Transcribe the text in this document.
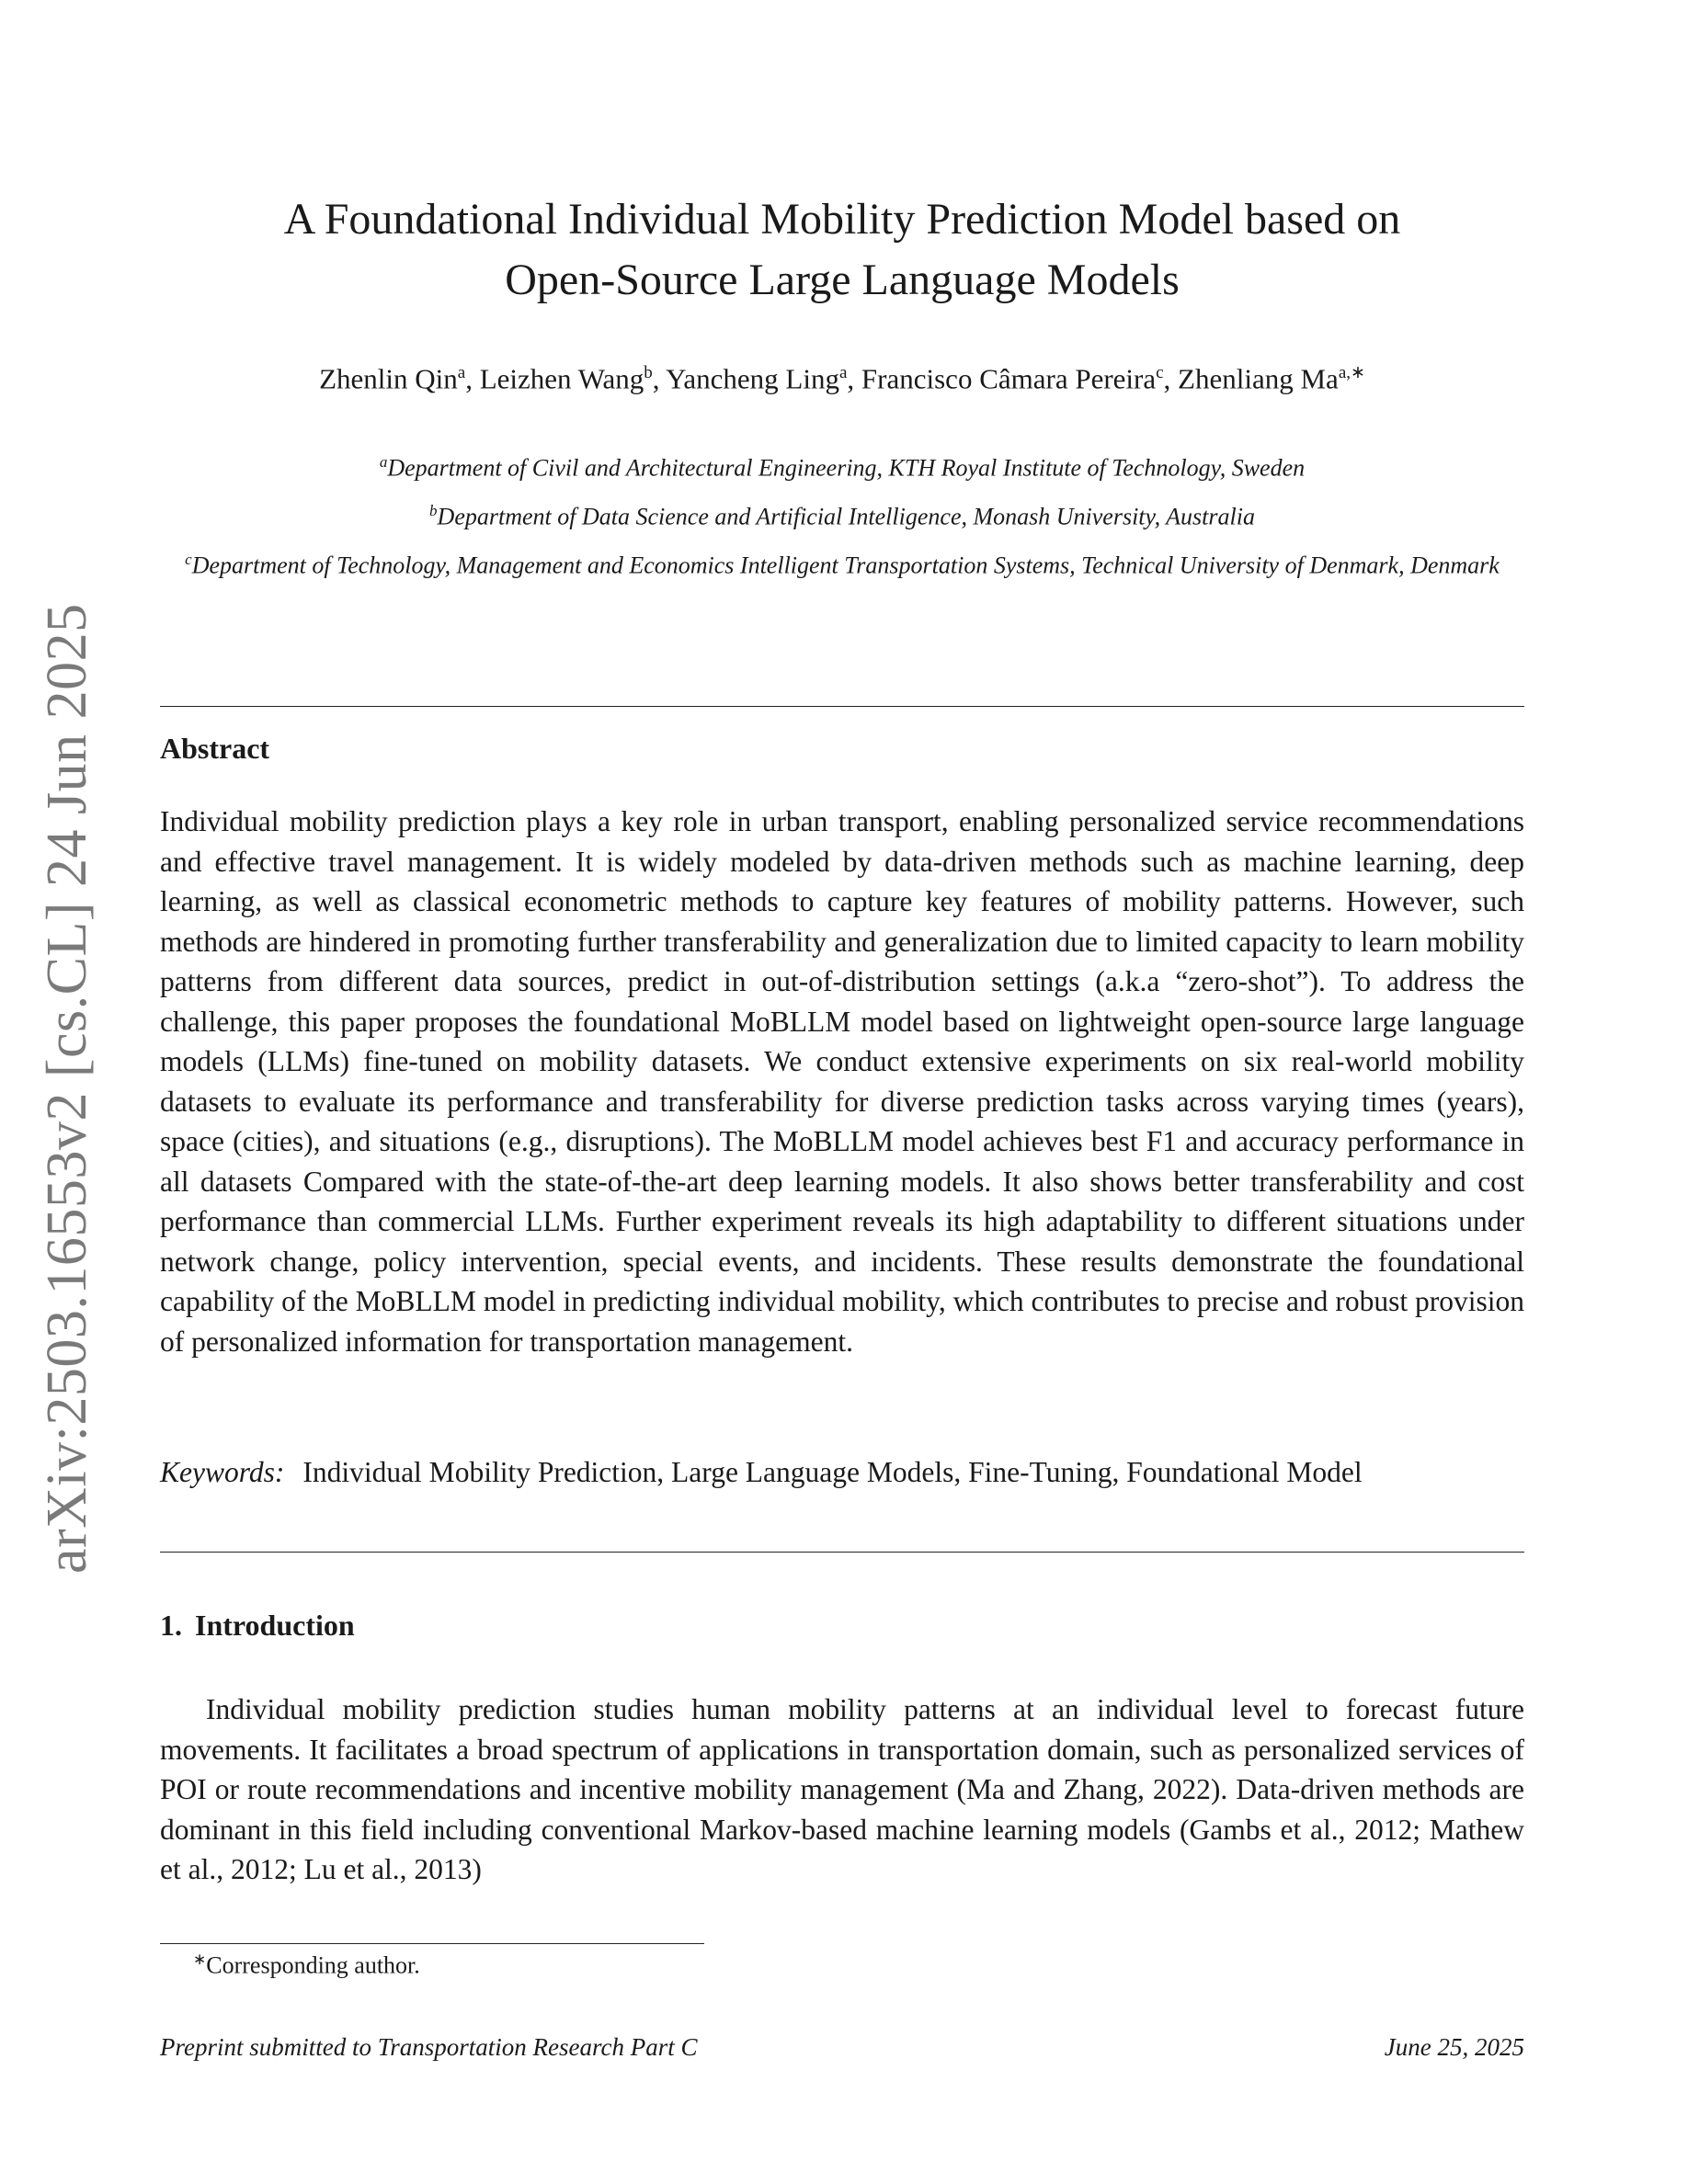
arXiv:2503.16553v2 [cs.CL] 24 Jun 2025
A Foundational Individual Mobility Prediction Model based on
Open-Source Large Language Models
Zhenlin Qin$^a$, Leizhen Wang$^b$, Yancheng Ling$^a$, Francisco Câmara Pereira$^c$, Zhenliang $Ma^{a,∗}$
$^a$Department of Civil and Architectural Engineering, KTH Royal Institute of Technology, Sweden
$^b$Department of Data Science and Artificial Intelligence, Monash University, Australia
$^c$Department of Technology, Management and Economics Intelligent Transportation Systems, Technical University of Denmark, Denmark
Abstract

Individual mobility prediction plays a key role in urban transport, enabling personalized service recommendations and effective travel management. It is widely modeled by data-driven methods such as machine learning, deep learning, as well as classical econometric methods to capture key features of mobility patterns. However, such methods are hindered in promoting further transferability and generalization due to limited capacity to learn mobility patterns from different data sources, predict in out-of-distribution settings (a.k.a “zero-shot”). To address the challenge, this paper proposes the foundational MoBLLM model based on lightweight open-source large language models (LLMs) fine-tuned on mobility datasets. We conduct extensive experiments on six real-world mobility datasets to evaluate its performance and transferability for diverse prediction tasks across varying times (years), space (cities), and situations (e.g., disruptions). The MoBLLM model achieves best F1 and accuracy performance in all datasets Compared with the state-of-the-art deep learning models. It also shows better transferability and cost performance than commercial LLMs. Further experiment reveals its high adaptability to different situations under network change, policy intervention, special events, and incidents. These results demonstrate the foundational capability of the MoBLLM model in predicting individual mobility, which contributes to precise and robust provision of personalized information for transportation management.

Keywords: Individual Mobility Prediction, Large Language Models, Fine-Tuning, Foundational Model

1. Introduction

Individual mobility prediction studies human mobility patterns at an individual level to forecast future movements. It facilitates a broad spectrum of applications in transportation domain, such as personalized services of POI or route recommendations and incentive mobility management (Ma and Zhang, 2022). Data-driven methods are dominant in this field including conventional Markov-based machine learning models (Gambs et al., 2012; Mathew et al., 2012; Lu et al., 2013)

∗Corresponding author.
Preprint submitted to Transportation Research Part C	June 25, 2025
